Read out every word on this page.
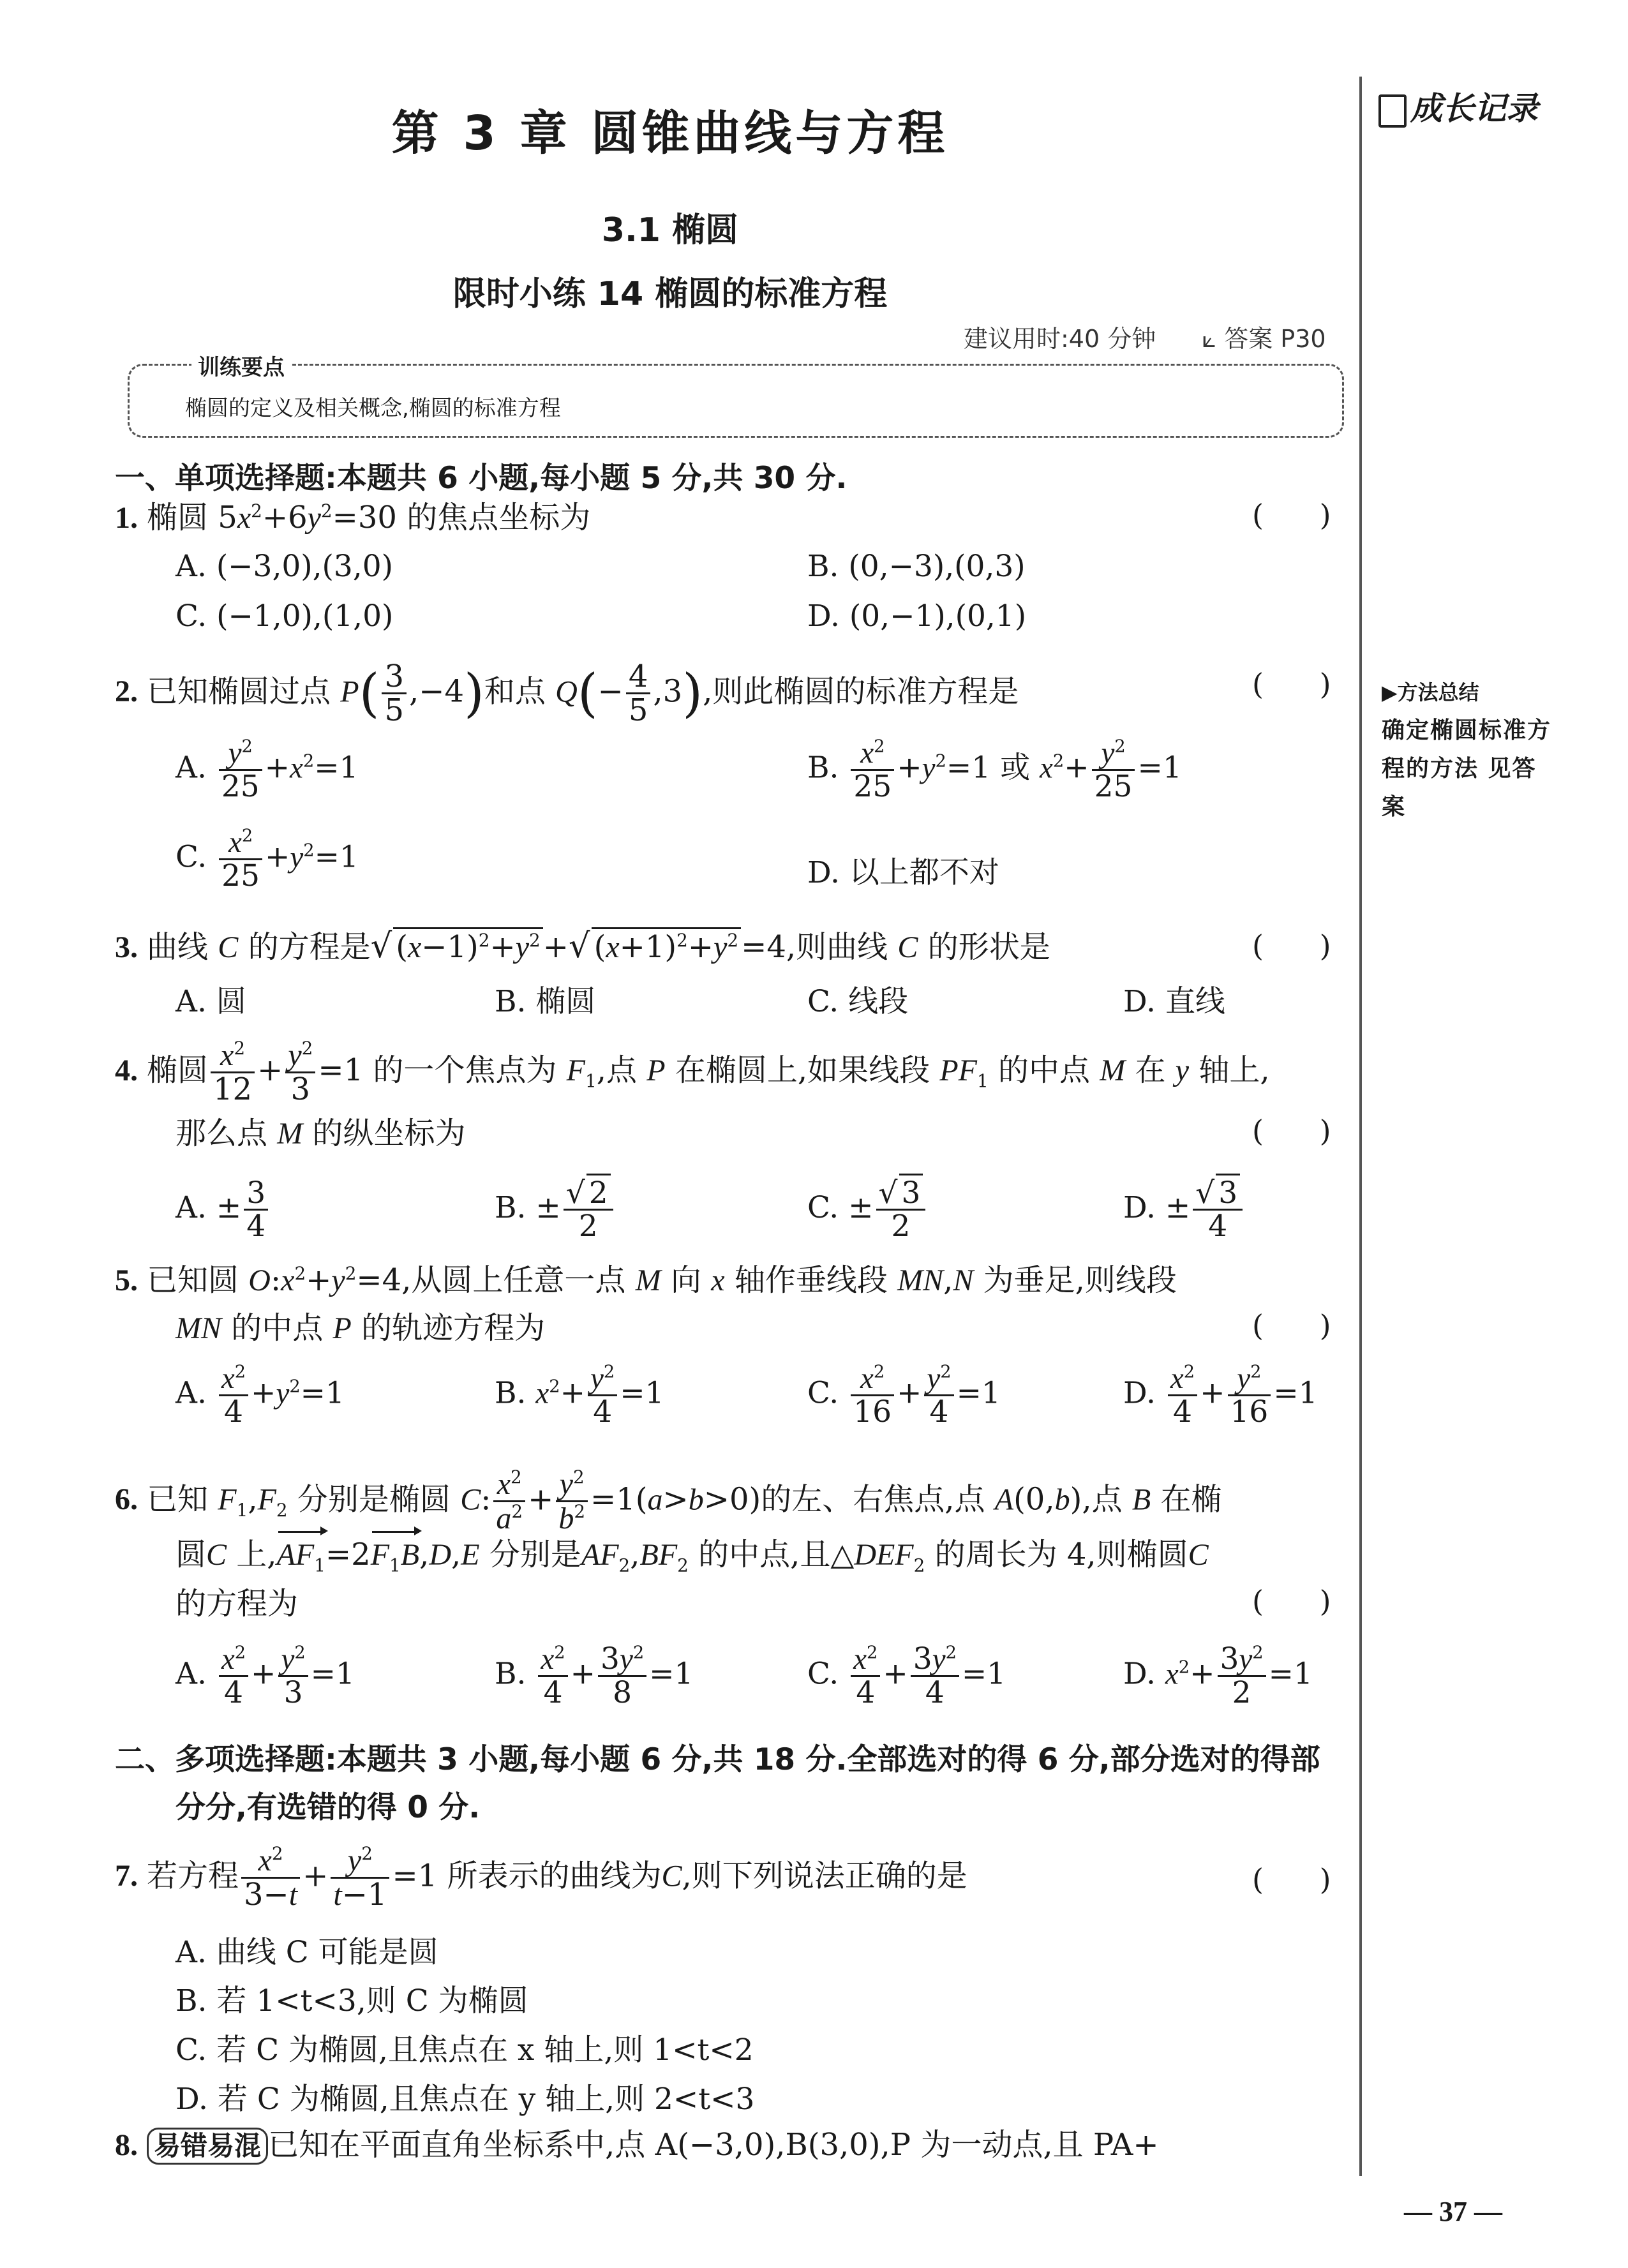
第 3 章 圆锥曲线与方程
3.1 椭圆
限时小练 14 椭圆的标准方程
建议用时:40 分钟 ⟀ 答案 P30
成长记录
训练要点
椭圆的定义及相关概念,椭圆的标准方程
一、单项选择题:本题共 6 小题,每小题 5 分,共 30 分.
1. 椭圆 $5x^2+6y^2=30$ 的焦点坐标为	(      )
A. (−3,0),(3,0)	B. (0,−3),(0,3)
C. (−1,0),(1,0)	D. (0,−1),(0,1)
2. 已知椭圆过点 $P( \frac{3}{5} ,-4)$和点 $Q(- \frac{4}{5} ,3)$,则此椭圆的标准方程是	(      )
A. $\frac{y^2}{25} +x^2=1$	B. $\frac{x^2}{25} +y^2=1$ 或 $x^2+ \frac{y^2}{25} =1$
C. $\frac{x^2}{25} +y^2=1$	D. 以上都不对
3. 曲线 C 的方程是√ $(x-1)^2+y^2+√$ $(x+1)^2+y^2=4$,则曲线 C 的形状是	(      )
A. 圆	B. 椭圆	C. 线段	D. 直线
4. 椭圆 $\frac{x^2}{12} + \frac{y^2}{3} =1$ 的一个焦点为 $F_1$,点 P 在椭圆上,如果线段 $PF_1$ 的中点 M 在 y 轴上,
那么点 M 的纵坐标为	(      )
A. ± $\frac{3}{4}$	B. ± $\frac{√ 2}{2}$	C. ± $\frac{√ 3}{2}$	D. ± $\frac{√ 3}{4}$
5. 已知圆 $O:x^2+y^2=4$,从圆上任意一点 M 向 x 轴作垂线段 MN,N 为垂足,则线段
MN 的中点 P 的轨迹方程为	(      )
A. $\frac{x^2}{4} +y^2=1$	B. $x^2+ \frac{y^2}{4} =1$	C. $\frac{x^2}{16} + \frac{y^2}{4} =1$	D. $\frac{x^2}{4} + \frac{y^2}{16} =1$
6. 已知 $F_1,F_2$ 分别是椭圆 C: $\frac{x^2}{a^2} + \frac{y^2}{b^2} =1(a>b>0)$的左、右焦点,点 A(0,b),点 B 在椭
圆C 上$,AF_1=2F_1B,D,E$ 分别是$AF_2,BF_2$ 的中点,且$\triangle DEF_2$ 的周长为 4,则椭圆C
的方程为	(      )
A. $\frac{x^2}{4} + \frac{y^2}{3} =1$	B. $\frac{x^2}{4} + \frac{3y^2}{8} =1$	C. $\frac{x^2}{4} + \frac{3y^2}{4} =1$	D. $x^2+ \frac{3y^2}{2} =1$
二、多项选择题:本题共 3 小题,每小题 6 分,共 18 分.全部选对的得 6 分,部分选对的得部
分分,有选错的得 0 分.
7. 若方程 $\frac{x^2}{3-t} + \frac{y^2}{t-1} =1$ 所表示的曲线为C,则下列说法正确的是	(      )
A. 曲线 C 可能是圆
B. 若 1<t<3,则 C 为椭圆
C. 若 C 为椭圆,且焦点在 x 轴上,则 1<t<2
D. 若 C 为椭圆,且焦点在 y 轴上,则 2<t<3
8. 易错易混 已知在平面直角坐标系中,点 A(−3,0),B(3,0),P 为一动点,且 PA+
▶方法总结
确定椭圆标准方
程的方法 见答
案
— 37 —
